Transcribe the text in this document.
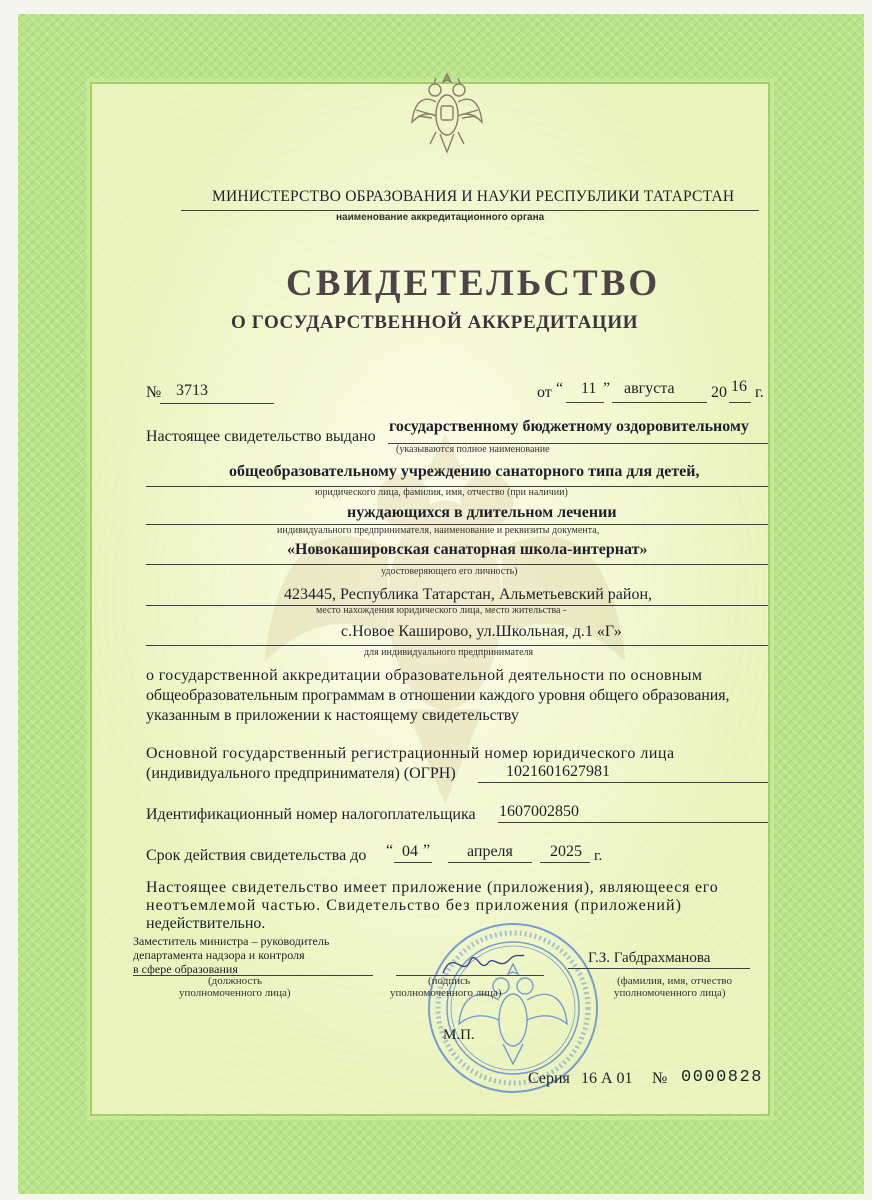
МИНИСТЕРСТВО ОБРАЗОВАНИЯ И НАУКИ РЕСПУБЛИКИ ТАТАРСТАН
наименование аккредитационного органа
СВИДЕТЕЛЬСТВО
О ГОСУДАРСТВЕННОЙ АККРЕДИТАЦИИ
№ 3713	от “ 11 ” августа 20 16 г.
Настоящее свидетельство выдано
государственному бюджетному оздоровительному
(указываются полное наименование
общеобразовательному учреждению санаторного типа для детей,
юридического лица, фамилия, имя, отчество (при наличии)
нуждающихся в длительном лечении
индивидуального предпринимателя, наименование и реквизиты документа,
«Новокашировская санаторная школа-интернат»
удостоверяющего его личность)
423445, Республика Татарстан, Альметьевский район,
место нахождения юридического лица, место жительства -
с.Новое Каширово, ул.Школьная, д.1 «Г»
для индивидуального предпринимателя
о государственной аккредитации образовательной деятельности по основным
общеобразовательным программам в отношении каждого уровня общего образования,
указанным в приложении к настоящему свидетельству
Основной государственный регистрационный номер юридического лица
(индивидуального предпринимателя) (ОГРН)	1021601627981
Идентификационный номер налогоплательщика 1607002850
Срок действия свидетельства до “ 04 ” апреля 2025 г.
Настоящее свидетельство имеет приложение (приложения), являющееся его
неотъемлемой частью. Свидетельство без приложения (приложений)
недействительно.
Заместитель министра – руководитель
департамента надзора и контроля
в сфере образования
(должность
уполномоченного лица)
(подпись
уполномоченного лица)
Г.З. Габдрахманова
(фамилия, имя, отчество
уполномоченного лица)
М.П.
Серия 16 А 01 № 0000828
